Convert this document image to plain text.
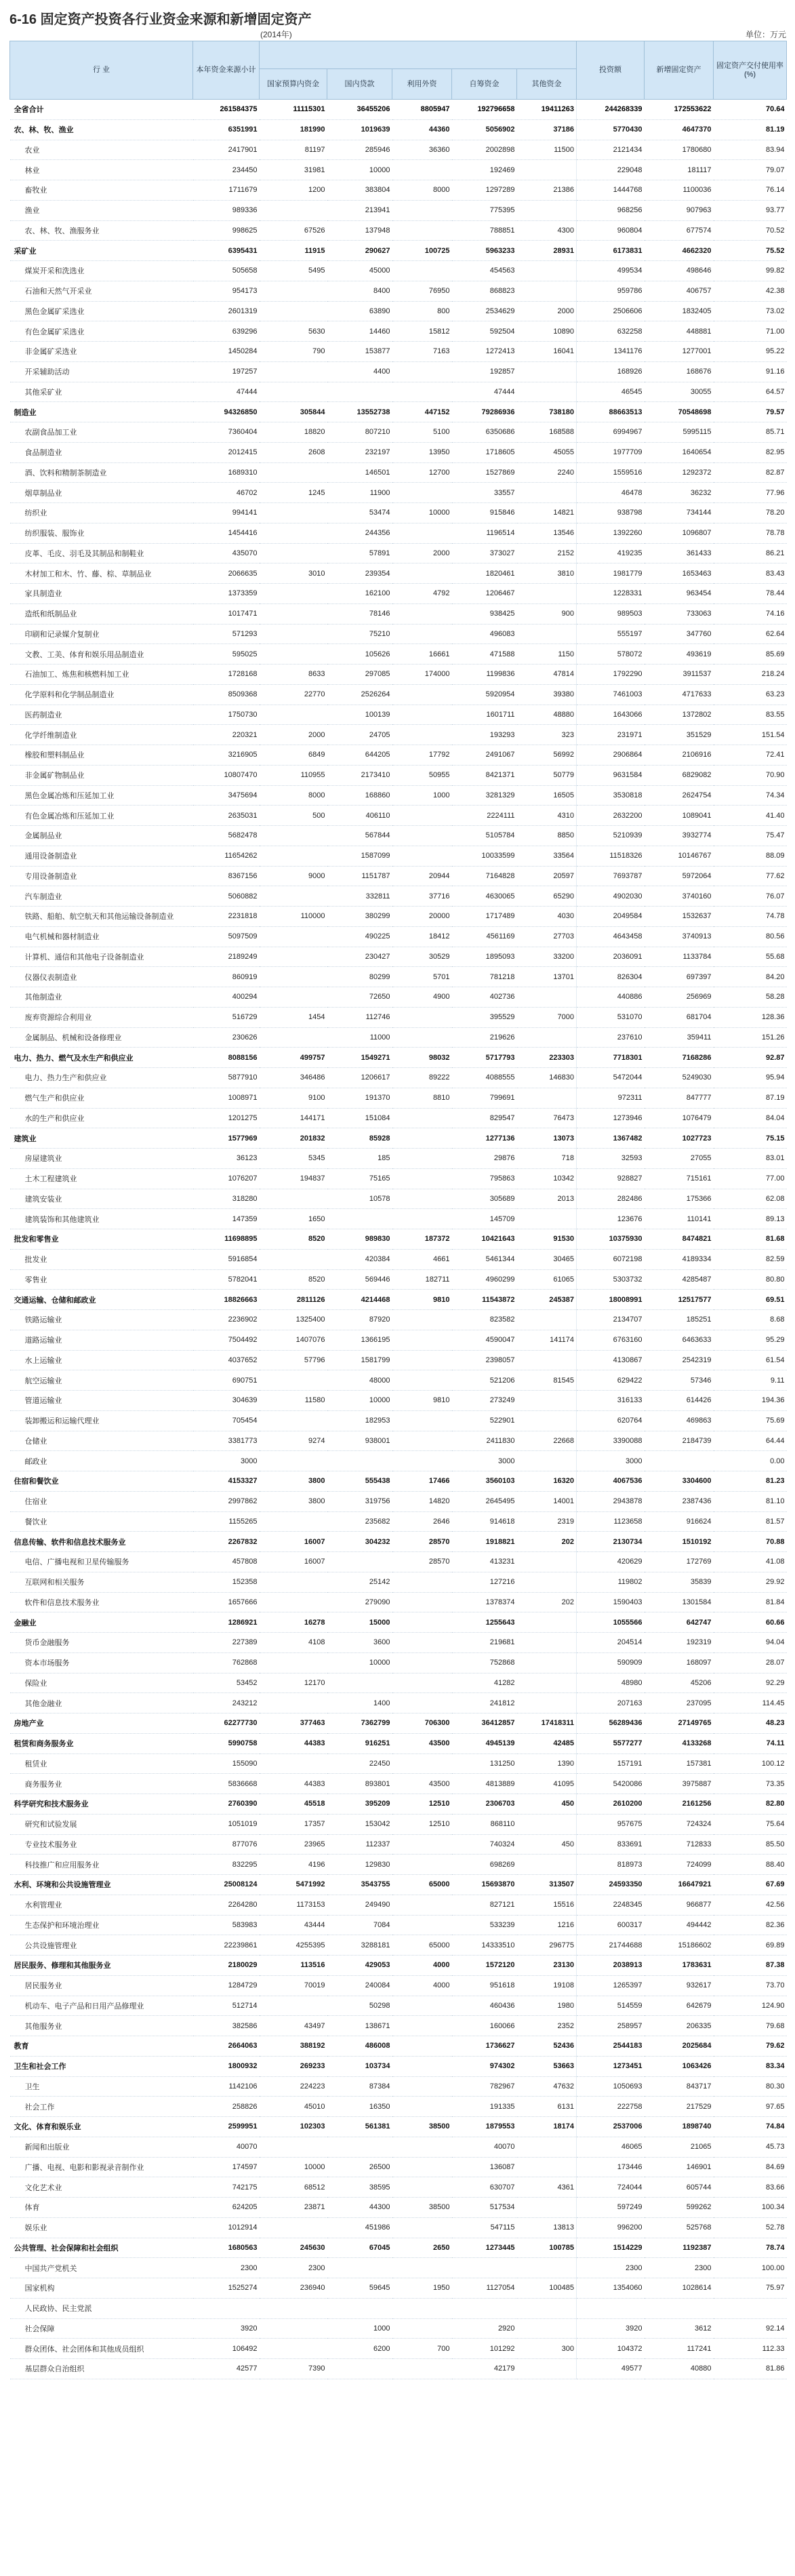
6-16 固定资产投资各行业资金来源和新增固定资产
(2014年)	单位：万元
行 业	本年资金来源小计						投资额	新增固定资产	固定资产交付使用率(%)
		国家预算内资金	国内贷款	利用外资	自筹资金	其他资金			
全省合计	261584375	11115301	36455206	8805947	192796658	19411263	244268339	172553622	70.64
农、林、牧、渔业	6351991	181990	1019639	44360	5056902	37186	5770430	4647370	81.19
农业	2417901	81197	285946	36360	2002898	11500	2121434	1780680	83.94
林业	234450	31981	10000		192469		229048	181117	79.07
畜牧业	1711679	1200	383804	8000	1297289	21386	1444768	1100036	76.14
渔业	989336		213941		775395		968256	907963	93.77
农、林、牧、渔服务业	998625	67526	137948		788851	4300	960804	677574	70.52
采矿业	6395431	11915	290627	100725	5963233	28931	6173831	4662320	75.52
煤炭开采和洗选业	505658	5495	45000		454563		499534	498646	99.82
石油和天然气开采业	954173		8400	76950	868823		959786	406757	42.38
黑色金属矿采选业	2601319		63890	800	2534629	2000	2506606	1832405	73.02
有色金属矿采选业	639296	5630	14460	15812	592504	10890	632258	448881	71.00
非金属矿采选业	1450284	790	153877	7163	1272413	16041	1341176	1277001	95.22
开采辅助活动	197257		4400		192857		168926	168676	91.16
其他采矿业	47444				47444		46545	30055	64.57
制造业	94326850	305844	13552738	447152	79286936	738180	88663513	70548698	79.57
农副食品加工业	7360404	18820	807210	5100	6350686	168588	6994967	5995115	85.71
食品制造业	2012415	2608	232197	13950	1718605	45055	1977709	1640654	82.95
酒、饮料和精制茶制造业	1689310		146501	12700	1527869	2240	1559516	1292372	82.87
烟草制品业	46702	1245	11900		33557		46478	36232	77.96
纺织业	994141		53474	10000	915846	14821	938798	734144	78.20
纺织服装、服饰业	1454416		244356		1196514	13546	1392260	1096807	78.78
皮革、毛皮、羽毛及其制品和制鞋业	435070		57891	2000	373027	2152	419235	361433	86.21
木材加工和木、竹、藤、棕、草制品业	2066635	3010	239354		1820461	3810	1981779	1653463	83.43
家具制造业	1373359		162100	4792	1206467		1228331	963454	78.44
造纸和纸制品业	1017471		78146		938425	900	989503	733063	74.16
印刷和记录媒介复制业	571293		75210		496083		555197	347760	62.64
文教、工美、体育和娱乐用品制造业	595025		105626	16661	471588	1150	578072	493619	85.69
石油加工、炼焦和核燃料加工业	1728168	8633	297085	174000	1199836	47814	1792290	3911537	218.24
化学原料和化学制品制造业	8509368	22770	2526264		5920954	39380	7461003	4717633	63.23
医药制造业	1750730		100139		1601711	48880	1643066	1372802	83.55
化学纤维制造业	220321	2000	24705		193293	323	231971	351529	151.54
橡胶和塑料制品业	3216905	6849	644205	17792	2491067	56992	2906864	2106916	72.41
非金属矿物制品业	10807470	110955	2173410	50955	8421371	50779	9631584	6829082	70.90
黑色金属冶炼和压延加工业	3475694	8000	168860	1000	3281329	16505	3530818	2624754	74.34
有色金属冶炼和压延加工业	2635031	500	406110		2224111	4310	2632200	1089041	41.40
金属制品业	5682478		567844		5105784	8850	5210939	3932774	75.47
通用设备制造业	11654262		1587099		10033599	33564	11518326	10146767	88.09
专用设备制造业	8367156	9000	1151787	20944	7164828	20597	7693787	5972064	77.62
汽车制造业	5060882		332811	37716	4630065	65290	4902030	3740160	76.07
铁路、船舶、航空航天和其他运输设备制造业	2231818	110000	380299	20000	1717489	4030	2049584	1532637	74.78
电气机械和器材制造业	5097509		490225	18412	4561169	27703	4643458	3740913	80.56
计算机、通信和其他电子设备制造业	2189249		230427	30529	1895093	33200	2036091	1133784	55.68
仪器仪表制造业	860919		80299	5701	781218	13701	826304	697397	84.20
其他制造业	400294		72650	4900	402736		440886	256969	58.28
废弃资源综合利用业	516729	1454	112746		395529	7000	531070	681704	128.36
金属制品、机械和设备修理业	230626		11000		219626		237610	359411	151.26
电力、热力、燃气及水生产和供应业	8088156	499757	1549271	98032	5717793	223303	7718301	7168286	92.87
电力、热力生产和供应业	5877910	346486	1206617	89222	4088555	146830	5472044	5249030	95.94
燃气生产和供应业	1008971	9100	191370	8810	799691		972311	847777	87.19
水的生产和供应业	1201275	144171	151084		829547	76473	1273946	1076479	84.04
建筑业	1577969	201832	85928		1277136	13073	1367482	1027723	75.15
房屋建筑业	36123	5345	185		29876	718	32593	27055	83.01
土木工程建筑业	1076207	194837	75165		795863	10342	928827	715161	77.00
建筑安装业	318280		10578		305689	2013	282486	175366	62.08
建筑装饰和其他建筑业	147359	1650			145709		123676	110141	89.13
批发和零售业	11698895	8520	989830	187372	10421643	91530	10375930	8474821	81.68
批发业	5916854		420384	4661	5461344	30465	6072198	4189334	82.59
零售业	5782041	8520	569446	182711	4960299	61065	5303732	4285487	80.80
交通运输、仓储和邮政业	18826663	2811126	4214468	9810	11543872	245387	18008991	12517577	69.51
铁路运输业	2236902	1325400	87920		823582		2134707	185251	8.68
道路运输业	7504492	1407076	1366195		4590047	141174	6763160	6463633	95.29
水上运输业	4037652	57796	1581799		2398057		4130867	2542319	61.54
航空运输业	690751		48000		521206	81545	629422	57346	9.11
管道运输业	304639	11580	10000	9810	273249		316133	614426	194.36
装卸搬运和运输代理业	705454		182953		522901		620764	469863	75.69
仓储业	3381773	9274	938001		2411830	22668	3390088	2184739	64.44
邮政业	3000				3000		3000		0.00
住宿和餐饮业	4153327	3800	555438	17466	3560103	16320	4067536	3304600	81.23
住宿业	2997862	3800	319756	14820	2645495	14001	2943878	2387436	81.10
餐饮业	1155265		235682	2646	914618	2319	1123658	916624	81.57
信息传输、软件和信息技术服务业	2267832	16007	304232	28570	1918821	202	2130734	1510192	70.88
电信、广播电视和卫星传输服务	457808	16007		28570	413231		420629	172769	41.08
互联网和相关服务	152358		25142		127216		119802	35839	29.92
软件和信息技术服务业	1657666		279090		1378374	202	1590403	1301584	81.84
金融业	1286921	16278	15000		1255643		1055566	642747	60.66
货币金融服务	227389	4108	3600		219681		204514	192319	94.04
资本市场服务	762868		10000		752868		590909	168097	28.07
保险业	53452	12170			41282		48980	45206	92.29
其他金融业	243212		1400		241812		207163	237095	114.45
房地产业	62277730	377463	7362799	706300	36412857	17418311	56289436	27149765	48.23
租赁和商务服务业	5990758	44383	916251	43500	4945139	42485	5577277	4133268	74.11
租赁业	155090		22450		131250	1390	157191	157381	100.12
商务服务业	5836668	44383	893801	43500	4813889	41095	5420086	3975887	73.35
科学研究和技术服务业	2760390	45518	395209	12510	2306703	450	2610200	2161256	82.80
研究和试验发展	1051019	17357	153042	12510	868110		957675	724324	75.64
专业技术服务业	877076	23965	112337		740324	450	833691	712833	85.50
科技推广和应用服务业	832295	4196	129830		698269		818973	724099	88.40
水利、环境和公共设施管理业	25008124	5471992	3543755	65000	15693870	313507	24593350	16647921	67.69
水利管理业	2264280	1173153	249490		827121	15516	2248345	966877	42.56
生态保护和环境治理业	583983	43444	7084		533239	1216	600317	494442	82.36
公共设施管理业	22239861	4255395	3288181	65000	14333510	296775	21744688	15186602	69.89
居民服务、修理和其他服务业	2180029	113516	429053	4000	1572120	23130	2038913	1783631	87.38
居民服务业	1284729	70019	240084	4000	951618	19108	1265397	932617	73.70
机动车、电子产品和日用产品修理业	512714		50298		460436	1980	514559	642679	124.90
其他服务业	382586	43497	138671		160066	2352	258957	206335	79.68
教育	2664063	388192	486008		1736627	52436	2544183	2025684	79.62
卫生和社会工作	1800932	269233	103734		974302	53663	1273451	1063426	83.34
卫生	1142106	224223	87384		782967	47632	1050693	843717	80.30
社会工作	258826	45010	16350		191335	6131	222758	217529	97.65
文化、体育和娱乐业	2599951	102303	561381	38500	1879553	18174	2537006	1898740	74.84
新闻和出版业	40070				40070		46065	21065	45.73
广播、电视、电影和影视录音制作业	174597	10000	26500		136087		173446	146901	84.69
文化艺术业	742175	68512	38595		630707	4361	724044	605744	83.66
体育	624205	23871	44300	38500	517534		597249	599262	100.34
娱乐业	1012914		451986		547115	13813	996200	525768	52.78
公共管理、社会保障和社会组织	1680563	245630	67045	2650	1273445	100785	1514229	1192387	78.74
中国共产党机关	2300	2300					2300	2300	100.00
国家机构	1525274	236940	59645	1950	1127054	100485	1354060	1028614	75.97
人民政协、民主党派									
社会保障	3920		1000		2920		3920	3612	92.14
群众团体、社会团体和其他成员组织	106492		6200	700	101292	300	104372	117241	112.33
基层群众自治组织	42577	7390			42179		49577	40880	81.86
